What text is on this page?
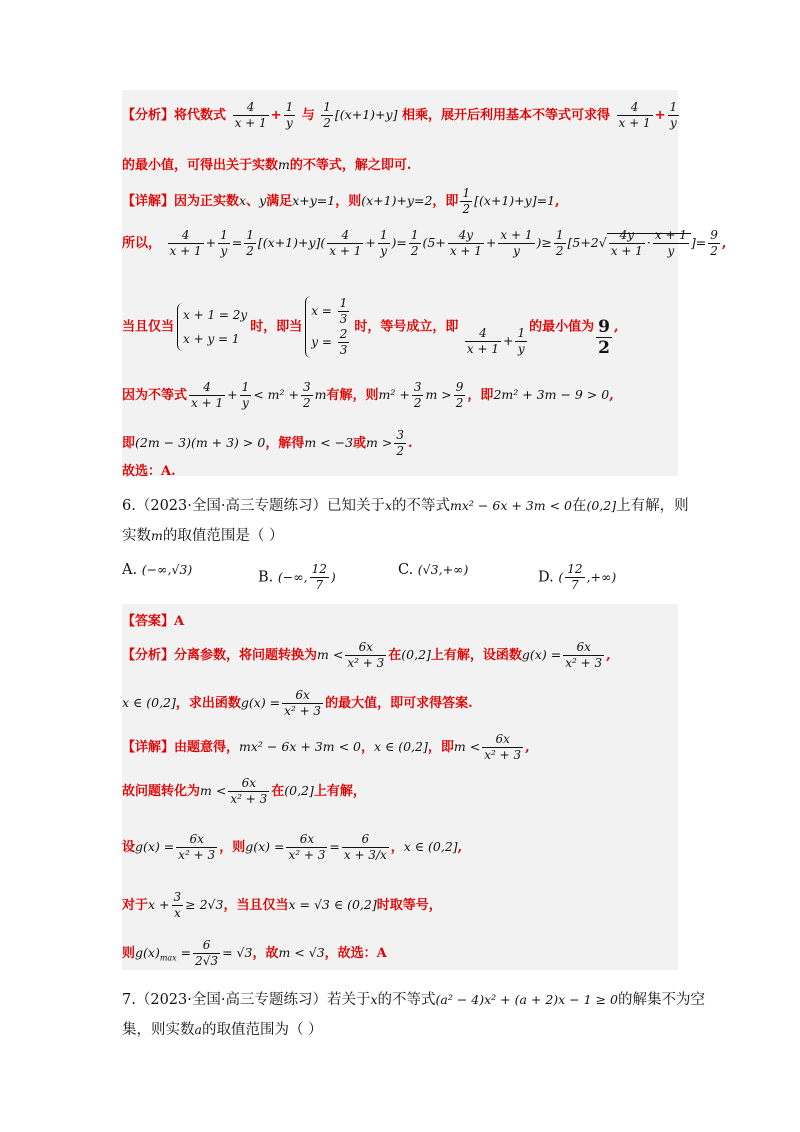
【分析】将代数式 $\frac{4}{x + 1} + \frac{1}{y}$ 与 $\frac{1}{2} [(x+1)+y]$ 相乘，展开后利用基本不等式可求得 $\frac{4}{x + 1} + \frac{1}{y}$
的最小值，可得出关于实数m的不等式，解之即可.
【详解】因为正实数x、y满足x+y=1，则(x+1)+y=2，即 $\frac{1}{2} [(x+1)+y]=1$,
所以， $\frac{4}{x + 1} + \frac{1}{y} = \frac{1}{2} [(x+1)+y]( \frac{4}{x + 1} + \frac{1}{y}$ )= $\frac{1}{2} (5+ \frac{4y}{x + 1} + \frac{x + 1}{y}$ )≥ $\frac{1}{2} [5+2√ \frac{4y}{x + 1} \cdot \frac{x + 1}{y}$ ]= $\frac{9}{2}$ ,
当且仅当
x + 1 = 2y
x + y = 1
时，即当
$x = \frac{1}{3}$
$y = \frac{2}{3}$ 时，等号成立，即 $\frac{4}{x + 1} + \frac{1}{y}$ 的最小值为 $\frac{9}{2}$ ,
因为不等式 $\frac{4}{x + 1} + \frac{1}{y} < m^2 + \frac{3}{2}$ m有解，则$m^2 + \frac{3}{2}$ $m > \frac{9}{2}$ ，即2m² + 3m − 9 > 0,
即(2m − 3)(m + 3) > 0，解得m < −3或$m > \frac{3}{2}$ .
故选：A.
6.（2023·全国·高三专题练习）已知关于x的不等式mx² − 6x + 3m < 0在(0,2]上有解，则
实数m的取值范围是（ ）
A. (−∞,√3)	B. (−∞, $\frac{12}{7}$ )	C. (√3,+∞)	D. ( $\frac{12}{7}$ ,+∞)
【答案】A
【分析】分离参数，将问题转换为$m < \frac{6x}{\text{x² + 3}}$ 在(0,2]上有解，设函数$g(x) = \frac{6x}{\text{x² + 3}}$ ,
x ∈ (0,2]，求出函数$g(x) = \frac{6x}{\text{x² + 3}}$ 的最大值，即可求得答案.
【详解】由题意得，mx² − 6x + 3m < 0，x ∈ (0,2]，即$m < \frac{6x}{\text{x² + 3}}$ ,
故问题转化为$m < \frac{6x}{\text{x² + 3}}$ 在(0,2]上有解，
设$g(x) = \frac{6x}{\text{x² + 3}}$ ，则$g(x) = \frac{6x}{\text{x² + 3}} = \frac{6}{x + 3/x}$ ，x ∈ (0,2],
对于$x + \frac{3}{x} \ge 2√3$，当且仅当x = √3 ∈ (0,2]时取等号，
则$g(x)_{max} = \frac{6}{2√3} = √3$，故m < √3，故选：A
7.（2023·全国·高三专题练习）若关于x的不等式(a² − 4)x² + (a + 2)x − 1 ≥ 0的解集不为空
集，则实数a的取值范围为（ ）
